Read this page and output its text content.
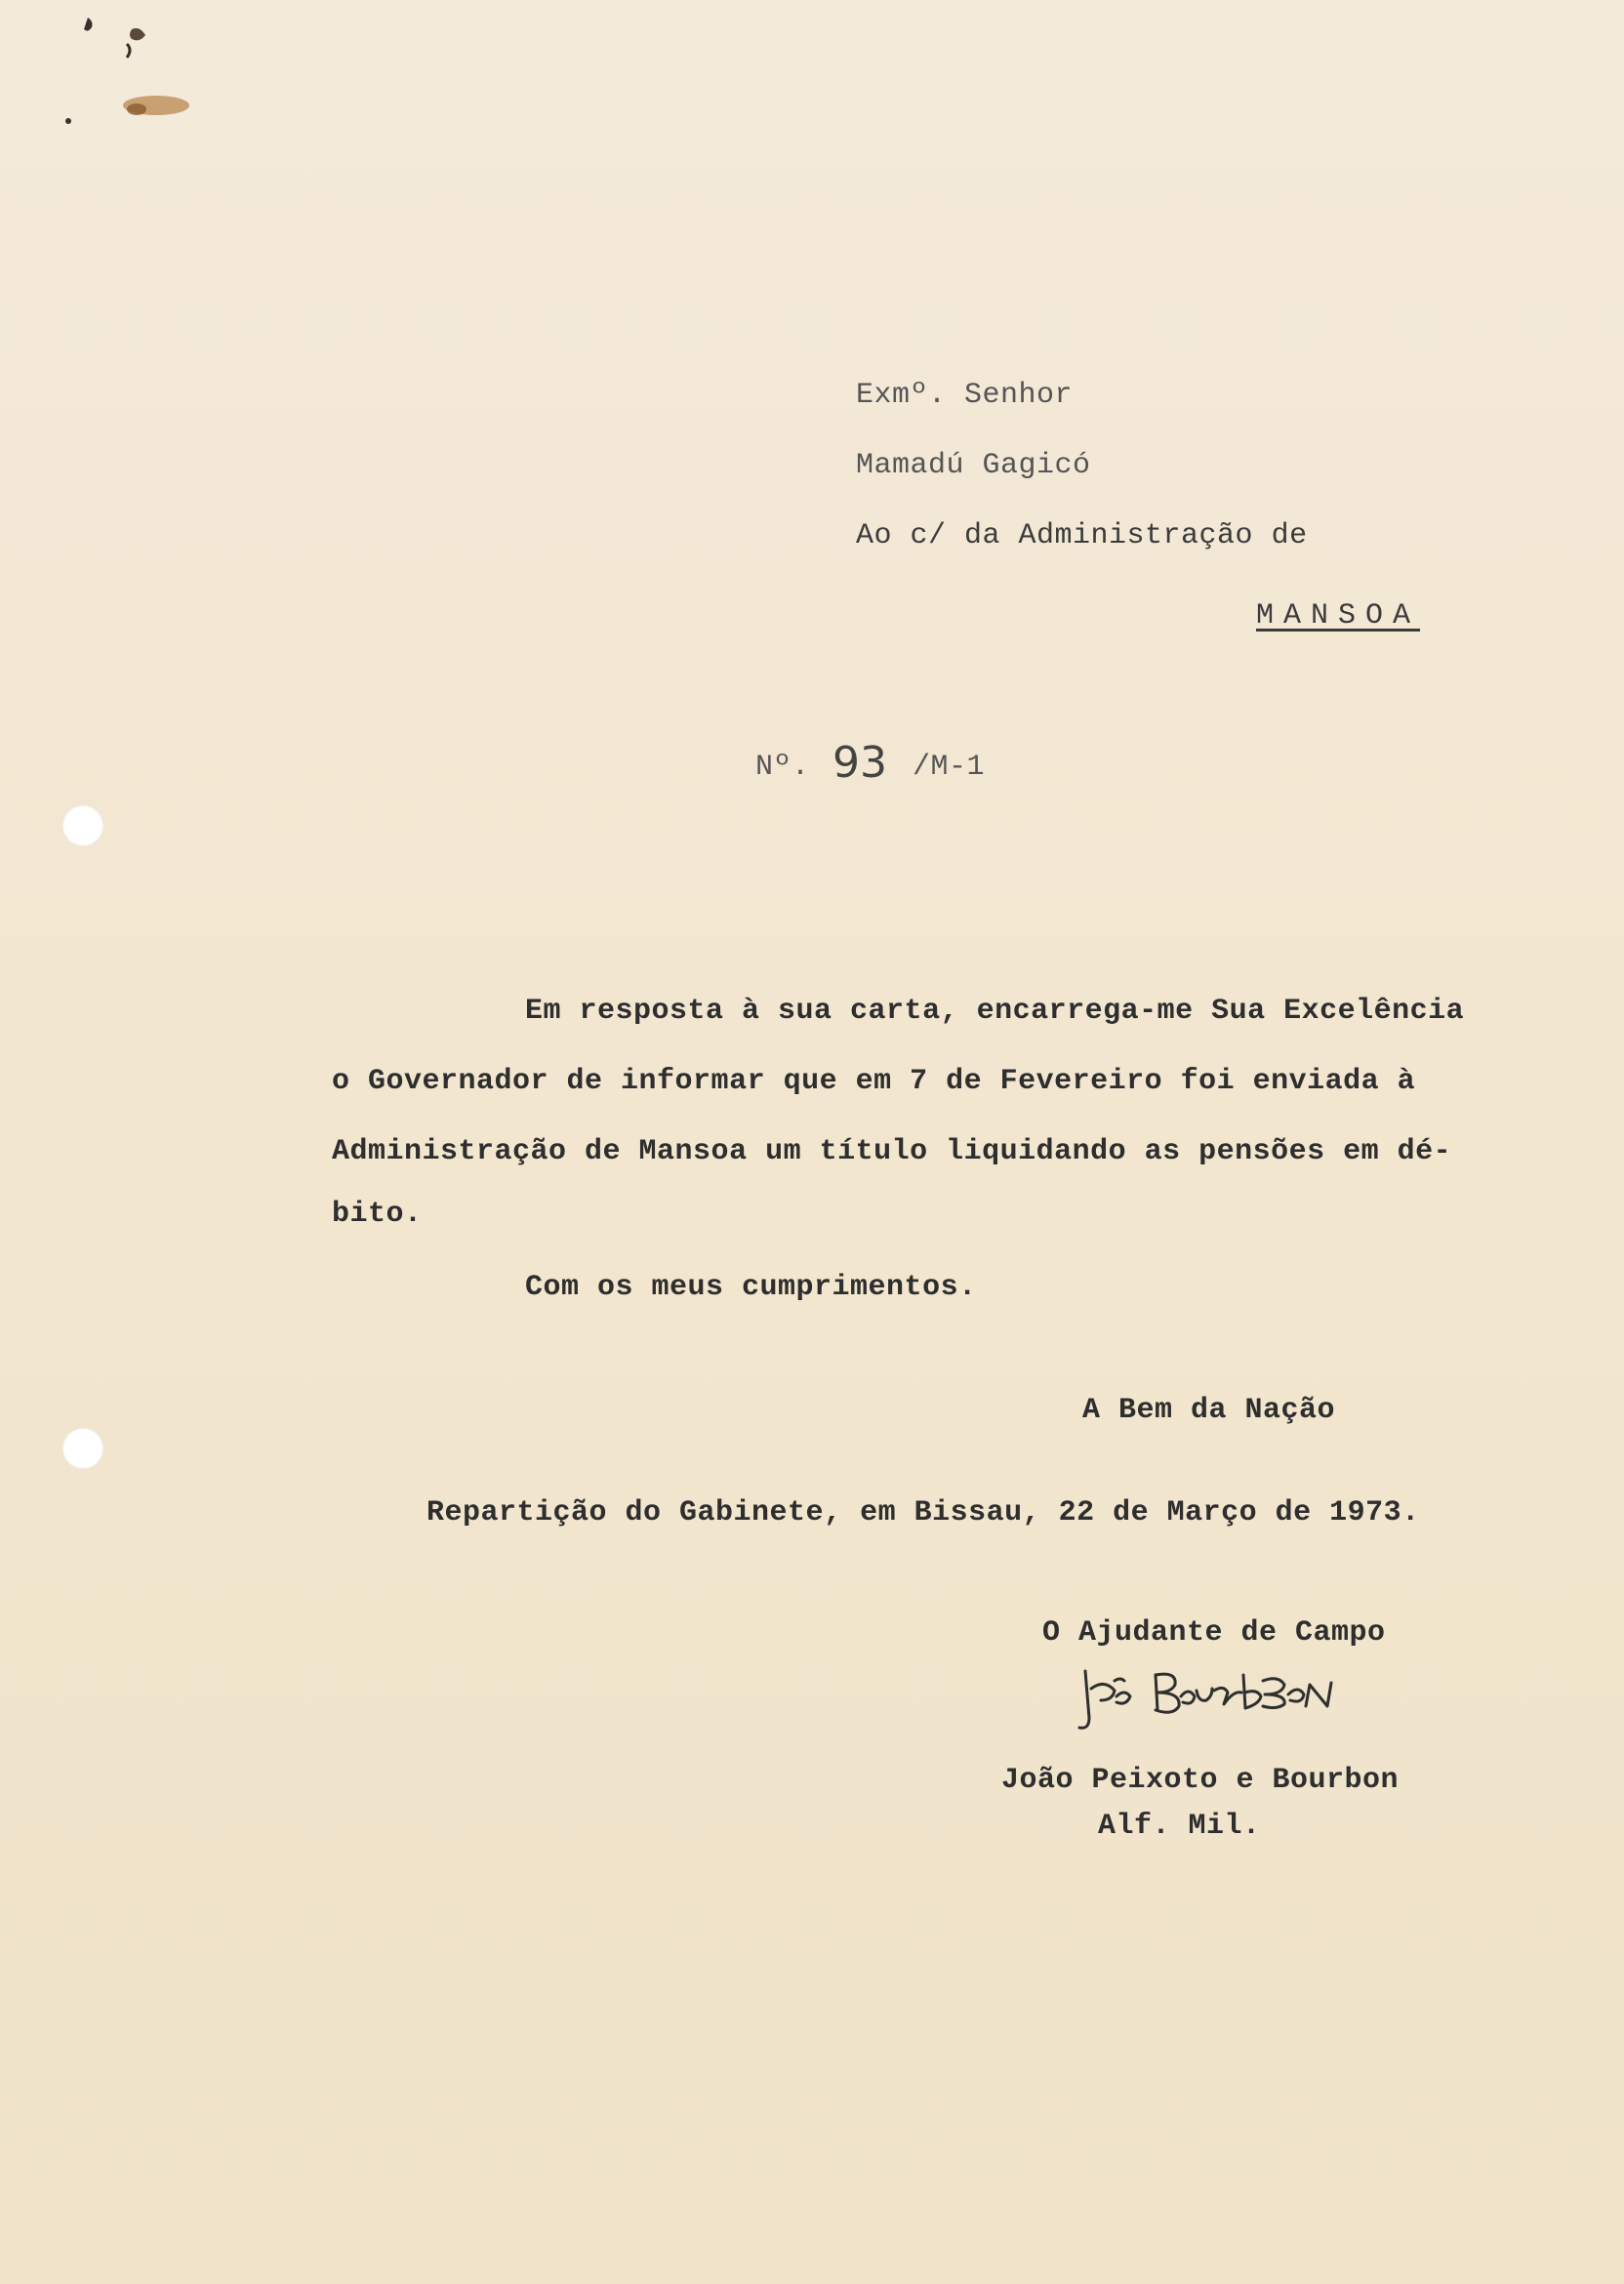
Exmº. Senhor
Mamadú Gagicó
Ao c/ da Administração de
MANSOA
Nº. 93 /M-1
Em resposta à sua carta, encarrega-me Sua Excelência
o Governador de informar que em 7 de Fevereiro foi enviada à
Administração de Mansoa um título liquidando as pensões em dé-
bito.
Com os meus cumprimentos.
A Bem da Nação
Repartição do Gabinete, em Bissau, 22 de Março de 1973.
O Ajudante de Campo
João Peixoto e Bourbon
Alf. Mil.
